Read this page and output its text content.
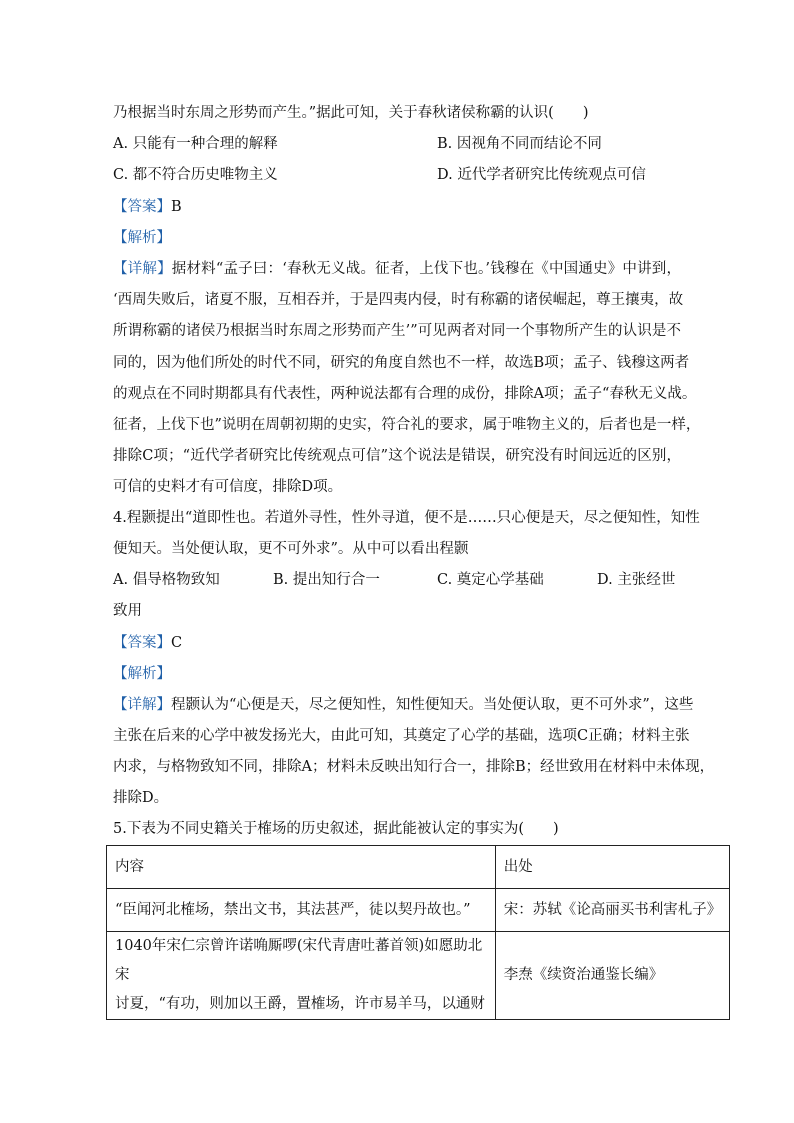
乃根据当时东周之形势而产生。”据此可知，关于春秋诸侯称霸的认识(　　)
A. 只能有一种合理的解释	B. 因视角不同而结论不同
C. 都不符合历史唯物主义	D. 近代学者研究比传统观点可信
【答案】B
【解析】
【详解】据材料“孟子曰：‘春秋无义战。征者，上伐下也。’钱穆在《中国通史》中讲到，
‘西周失败后，诸夏不服，互相吞并，于是四夷内侵，时有称霸的诸侯崛起，尊王攘夷，故
所谓称霸的诸侯乃根据当时东周之形势而产生’”可见两者对同一个事物所产生的认识是不
同的，因为他们所处的时代不同，研究的角度自然也不一样，故选B项；孟子、钱穆这两者
的观点在不同时期都具有代表性，两种说法都有合理的成份，排除A项；孟子“春秋无义战。
征者，上伐下也”说明在周朝初期的史实，符合礼的要求，属于唯物主义的，后者也是一样，
排除C项；“近代学者研究比传统观点可信”这个说法是错误，研究没有时间远近的区别，
可信的史料才有可信度，排除D项。
4.程颢提出“道即性也。若道外寻性，性外寻道，便不是……只心便是天，尽之便知性，知性
便知天。当处便认取，更不可外求”。从中可以看出程颢
A. 倡导格物致知	B. 提出知行合一	C. 奠定心学基础	D. 主张经世
致用
【答案】C
【解析】
【详解】程颢认为“心便是天，尽之便知性，知性便知天。当处便认取，更不可外求”，这些
主张在后来的心学中被发扬光大，由此可知，其奠定了心学的基础，选项C正确；材料主张
内求，与格物致知不同，排除A；材料未反映出知行合一，排除B；经世致用在材料中未体现，
排除D。
5.下表为不同史籍关于榷场的历史叙述，据此能被认定的事实为(　　)
内容	出处
“臣闻河北榷场，禁出文书，其法甚严，徒以契丹故也。”	宋：苏轼《论高丽买书利害札子》

1040年宋仁宗曾许诺唃厮啰(宋代青唐吐蕃首领)如愿助北宋
讨夏，“有功，则加以王爵，置榷场，许市易羊马，以通财	李焘《续资治通鉴长编》
